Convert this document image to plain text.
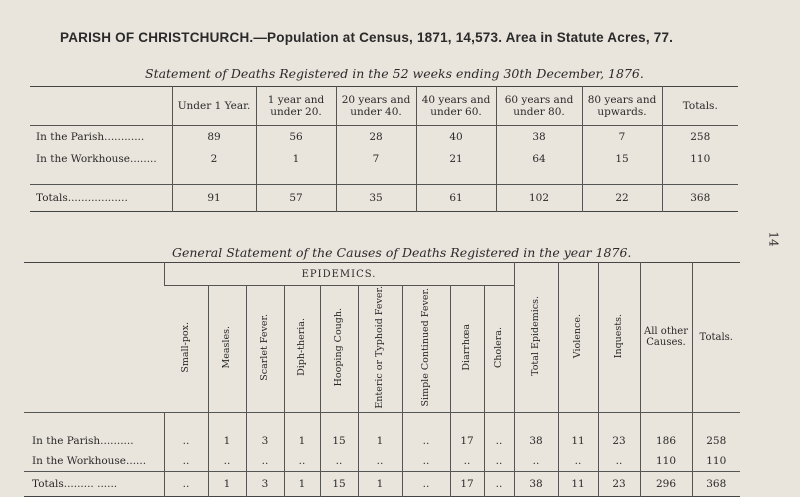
PARISH OF CHRISTCHURCH.—Population at Census, 1871, 14,573. Area in Statute Acres, 77.
Statement of Deaths Registered in the 52 weeks ending 30th December, 1876.
14
	Under 1 Year.	1 year and under 20.	20 years and under 40.	40 years and under 60.	60 years and under 80.	80 years and upwards.	Totals.
In the Parish............	89	56	28	40	38	7	258
In the Workhouse........	2	1	7	21	64	15	110

Totals..................	91	57	35	61	102	22	368
General Statement of the Causes of Deaths Registered in the year 1876.
	EPIDEMICS.									Total Epidemics.	Violence.	Inquests.	All other Causes.	Totals.
	Small-pox.	Measles.	Scarlet Fever.	Diph-theria.	Hooping Cough.	Enteric or Typhoid Fever.	Simple Continued Fever.	Diarrhœa	Cholera.					

In the Parish..........	..	1	3	1	15	1	..	17	..	38	11	23	186	258
In the Workhouse......	..	..	..	..	..	..	..	..	..	..	..	..	110	110
Totals......... ......	..	1	3	1	15	1	..	17	..	38	11	23	296	368
